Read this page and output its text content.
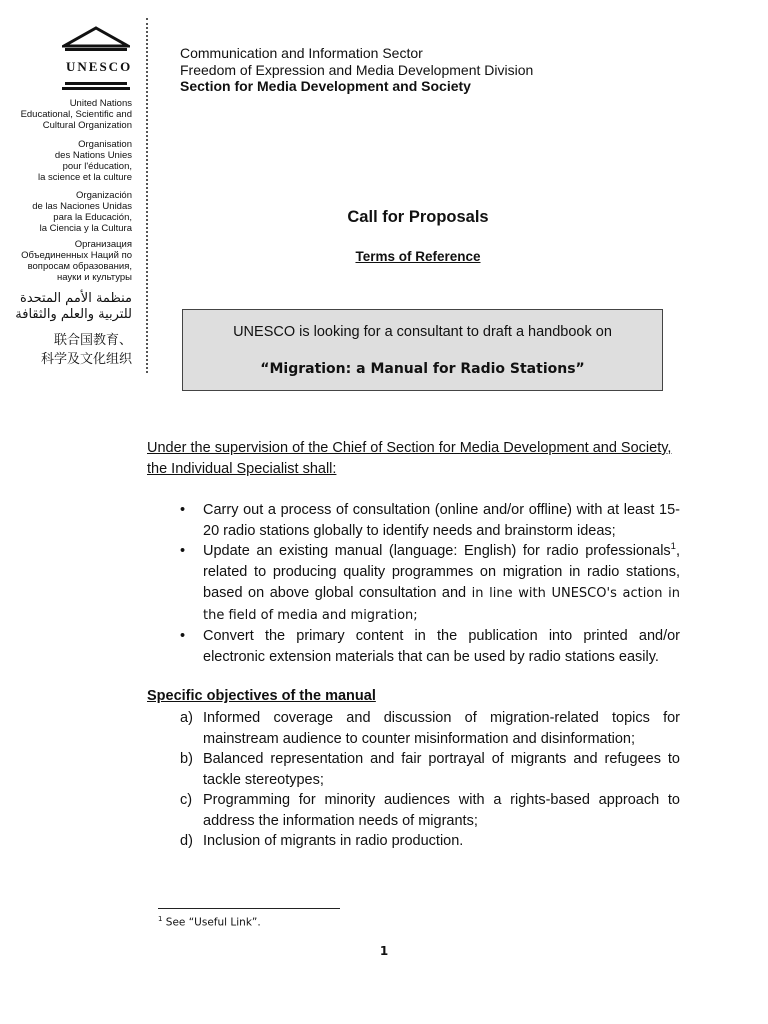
UNESCO
United Nations
Educational, Scientific and
Cultural Organization
Organisation
des Nations Unies
pour l'éducation,
la science et la culture
Organización
de las Naciones Unidas
para la Educación,
la Ciencia y la Cultura
Организация
Объединенных Наций по
вопросам образования,
науки и культуры
منظمة الأمم المتحدة
للتربية والعلم والثقافة
联合国教育、
科学及文化组织
Communication and Information Sector
Freedom of Expression and Media Development Division
Section for Media Development and Society
Call for Proposals
Terms of Reference
UNESCO is looking for a consultant to draft a handbook on
“Migration: a Manual for Radio Stations”
Under the supervision of the Chief of Section for Media Development and Society, the Individual Specialist shall:
• Carry out a process of consultation (online and/or offline) with at least 15-20 radio stations globally to identify needs and brainstorm ideas;
• Update an existing manual (language: English) for radio professionals$^1$, related to producing quality programmes on migration in radio stations, based on above global consultation and in line with UNESCO's action in the field of media and migration;
• Convert the primary content in the publication into printed and/or electronic extension materials that can be used by radio stations easily.
Specific objectives of the manual
a) Informed coverage and discussion of migration-related topics for mainstream audience to counter misinformation and disinformation;
b) Balanced representation and fair portrayal of migrants and refugees to tackle stereotypes;
c) Programming for minority audiences with a rights-based approach to address the information needs of migrants;
d) Inclusion of migrants in radio production.
$^1$ See “Useful Link”.
1
